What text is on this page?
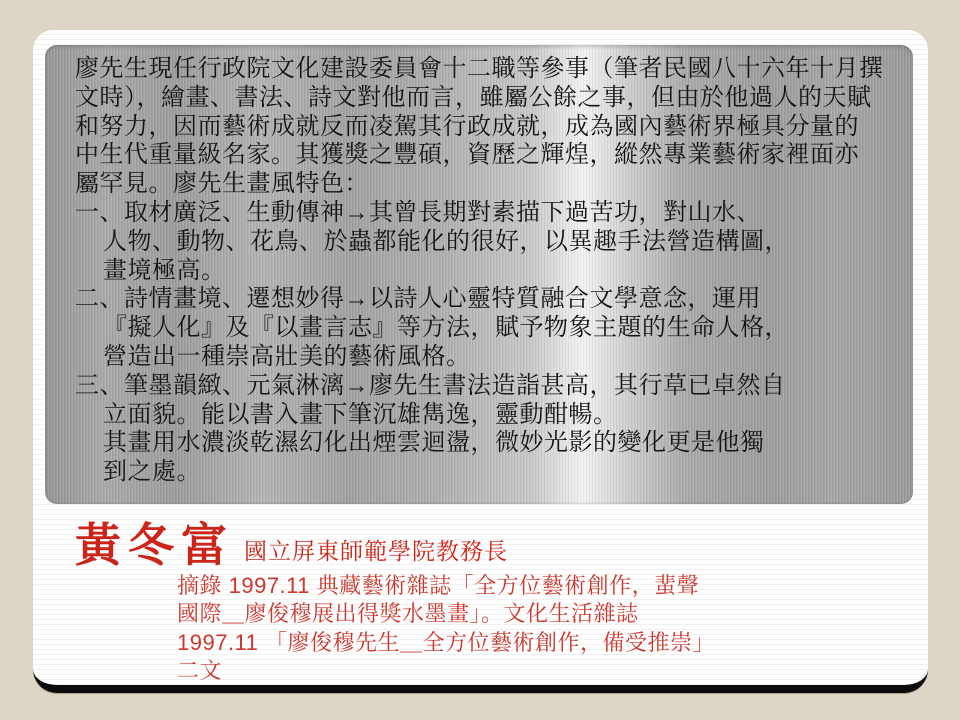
廖先生現任行政院文化建設委員會十二職等參事（筆者民國八十六年十月撰
文時），繪畫、書法、詩文對他而言，雖屬公餘之事，但由於他過人的天賦
和努力，因而藝術成就反而凌駕其行政成就，成為國內藝術界極具分量的
中生代重量級名家。其獲獎之豐碩，資歷之輝煌，縱然專業藝術家裡面亦
屬罕見。廖先生畫風特色：
一、取材廣泛、生動傳神→其曾長期對素描下過苦功，對山水、
人物、動物、花鳥、於蟲都能化的很好，以異趣手法營造構圖，
畫境極高。
二、詩情畫境、遷想妙得→以詩人心靈特質融合文學意念，運用
『擬人化』及『以畫言志』等方法，賦予物象主題的生命人格，
營造出一種崇高壯美的藝術風格。
三、筆墨韻緻、元氣淋漓→廖先生書法造詣甚高，其行草已卓然自
立面貌。能以書入畫下筆沉雄雋逸，靈動酣暢。
其畫用水濃淡乾濕幻化出煙雲迴盪，微妙光影的變化更是他獨
到之處。
黃冬富 國立屏東師範學院教務長
摘錄 1997.11 典藏藝術雜誌「全方位藝術創作，蜚聲
國際＿廖俊穆展出得獎水墨畫」。文化生活雜誌
1997.11 「廖俊穆先生＿全方位藝術創作，備受推崇」
二文
